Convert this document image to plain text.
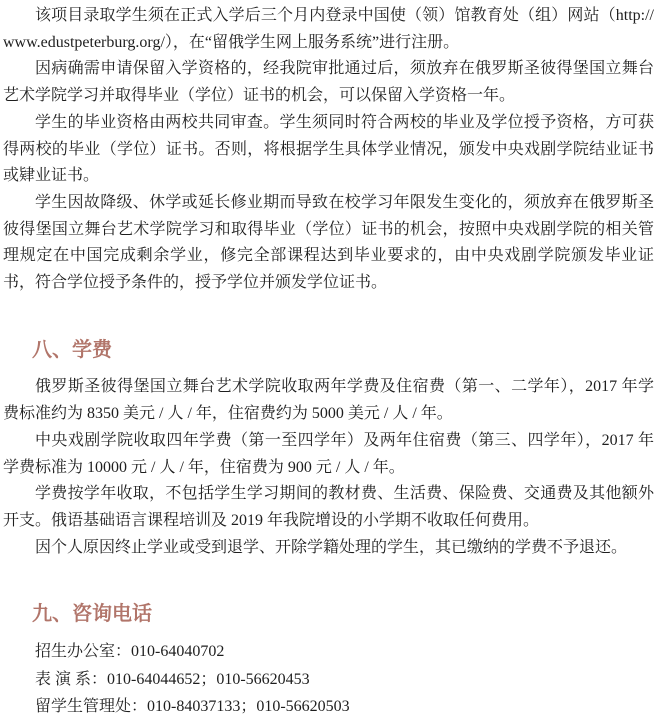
该项目录取学生须在正式入学后三个月内登录中国使（领）馆教育处（组）网站（http://www.edustpeterburg.org/），在“留俄学生网上服务系统”进行注册。

因病确需申请保留入学资格的，经我院审批通过后，须放弃在俄罗斯圣彼得堡国立舞台艺术学院学习并取得毕业（学位）证书的机会，可以保留入学资格一年。

学生的毕业资格由两校共同审查。学生须同时符合两校的毕业及学位授予资格，方可获得两校的毕业（学位）证书。否则，将根据学生具体学业情况，颁发中央戏剧学院结业证书或肄业证书。

学生因故降级、休学或延长修业期而导致在校学习年限发生变化的，须放弃在俄罗斯圣彼得堡国立舞台艺术学院学习和取得毕业（学位）证书的机会，按照中央戏剧学院的相关管理规定在中国完成剩余学业，修完全部课程达到毕业要求的，由中央戏剧学院颁发毕业证书，符合学位授予条件的，授予学位并颁发学位证书。

八、学费

俄罗斯圣彼得堡国立舞台艺术学院收取两年学费及住宿费（第一、二学年），2017 年学费标准约为 8350 美元 / 人 / 年，住宿费约为 5000 美元 / 人 / 年。

中央戏剧学院收取四年学费（第一至四学年）及两年住宿费（第三、四学年），2017 年学费标准为 10000 元 / 人 / 年，住宿费为 900 元 / 人 / 年。

学费按学年收取，不包括学生学习期间的教材费、生活费、保险费、交通费及其他额外开支。俄语基础语言课程培训及 2019 年我院增设的小学期不收取任何费用。

因个人原因终止学业或受到退学、开除学籍处理的学生，其已缴纳的学费不予退还。

九、咨询电话

招生办公室：010-64040702

表 演 系：010-64044652；010-56620453

留学生管理处：010-84037133；010-56620503
